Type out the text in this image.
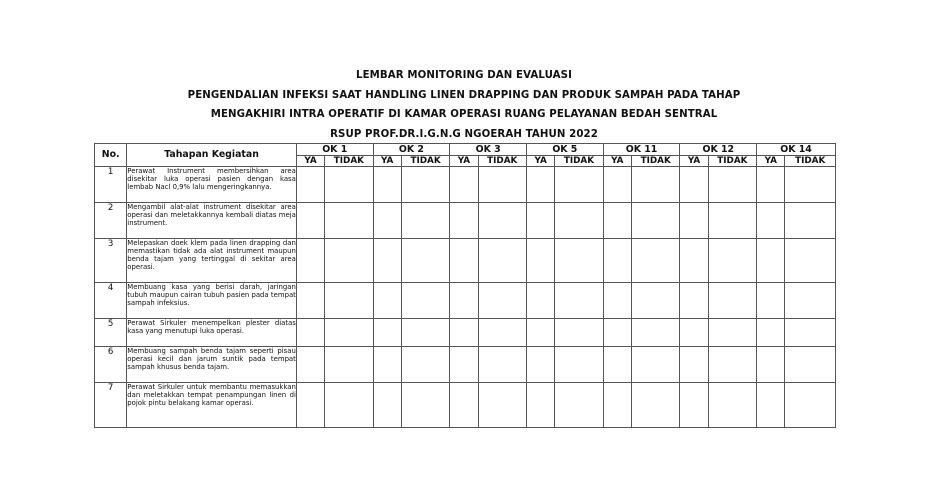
LEMBAR MONITORING DAN EVALUASI
PENGENDALIAN INFEKSI SAAT HANDLING LINEN DRAPPING DAN PRODUK SAMPAH PADA TAHAP
MENGAKHIRI INTRA OPERATIF DI KAMAR OPERASI RUANG PELAYANAN BEDAH SENTRAL
RSUP PROF.DR.I.G.N.G NGOERAH TAHUN 2022
No.	Tahapan Kegiatan	OK 1		OK 2		OK 3		OK 5		OK 11		OK 12		OK 14	
		YA	TIDAK	YA	TIDAK	YA	TIDAK	YA	TIDAK	YA	TIDAK	YA	TIDAK	YA	TIDAK
1	Perawat Instrument membersihkan area disekitar luka operasi pasien dengan kasa lembab Nacl 0,9% lalu mengeringkannya.														
2	Mengambil alat-alat instrument disekitar area operasi dan meletakkannya kembali diatas meja instrument.														
3	Melepaskan doek klem pada linen drapping dan memastikan tidak ada alat instrument maupun benda tajam yang tertinggal di sekitar area operasi.														
4	Membuang kasa yang berisi darah, jaringan tubuh maupun cairan tubuh pasien pada tempat sampah infeksius.														
5	Perawat Sirkuler menempelkan plester diatas kasa yang menutupi luka operasi.														
6	Membuang sampah benda tajam seperti pisau operasi kecil dan jarum suntik pada tempat sampah khusus benda tajam.														
7	Perawat Sirkuler untuk membantu memasukkan dan meletakkan tempat penampungan linen di pojok pintu belakang kamar operasi.														
